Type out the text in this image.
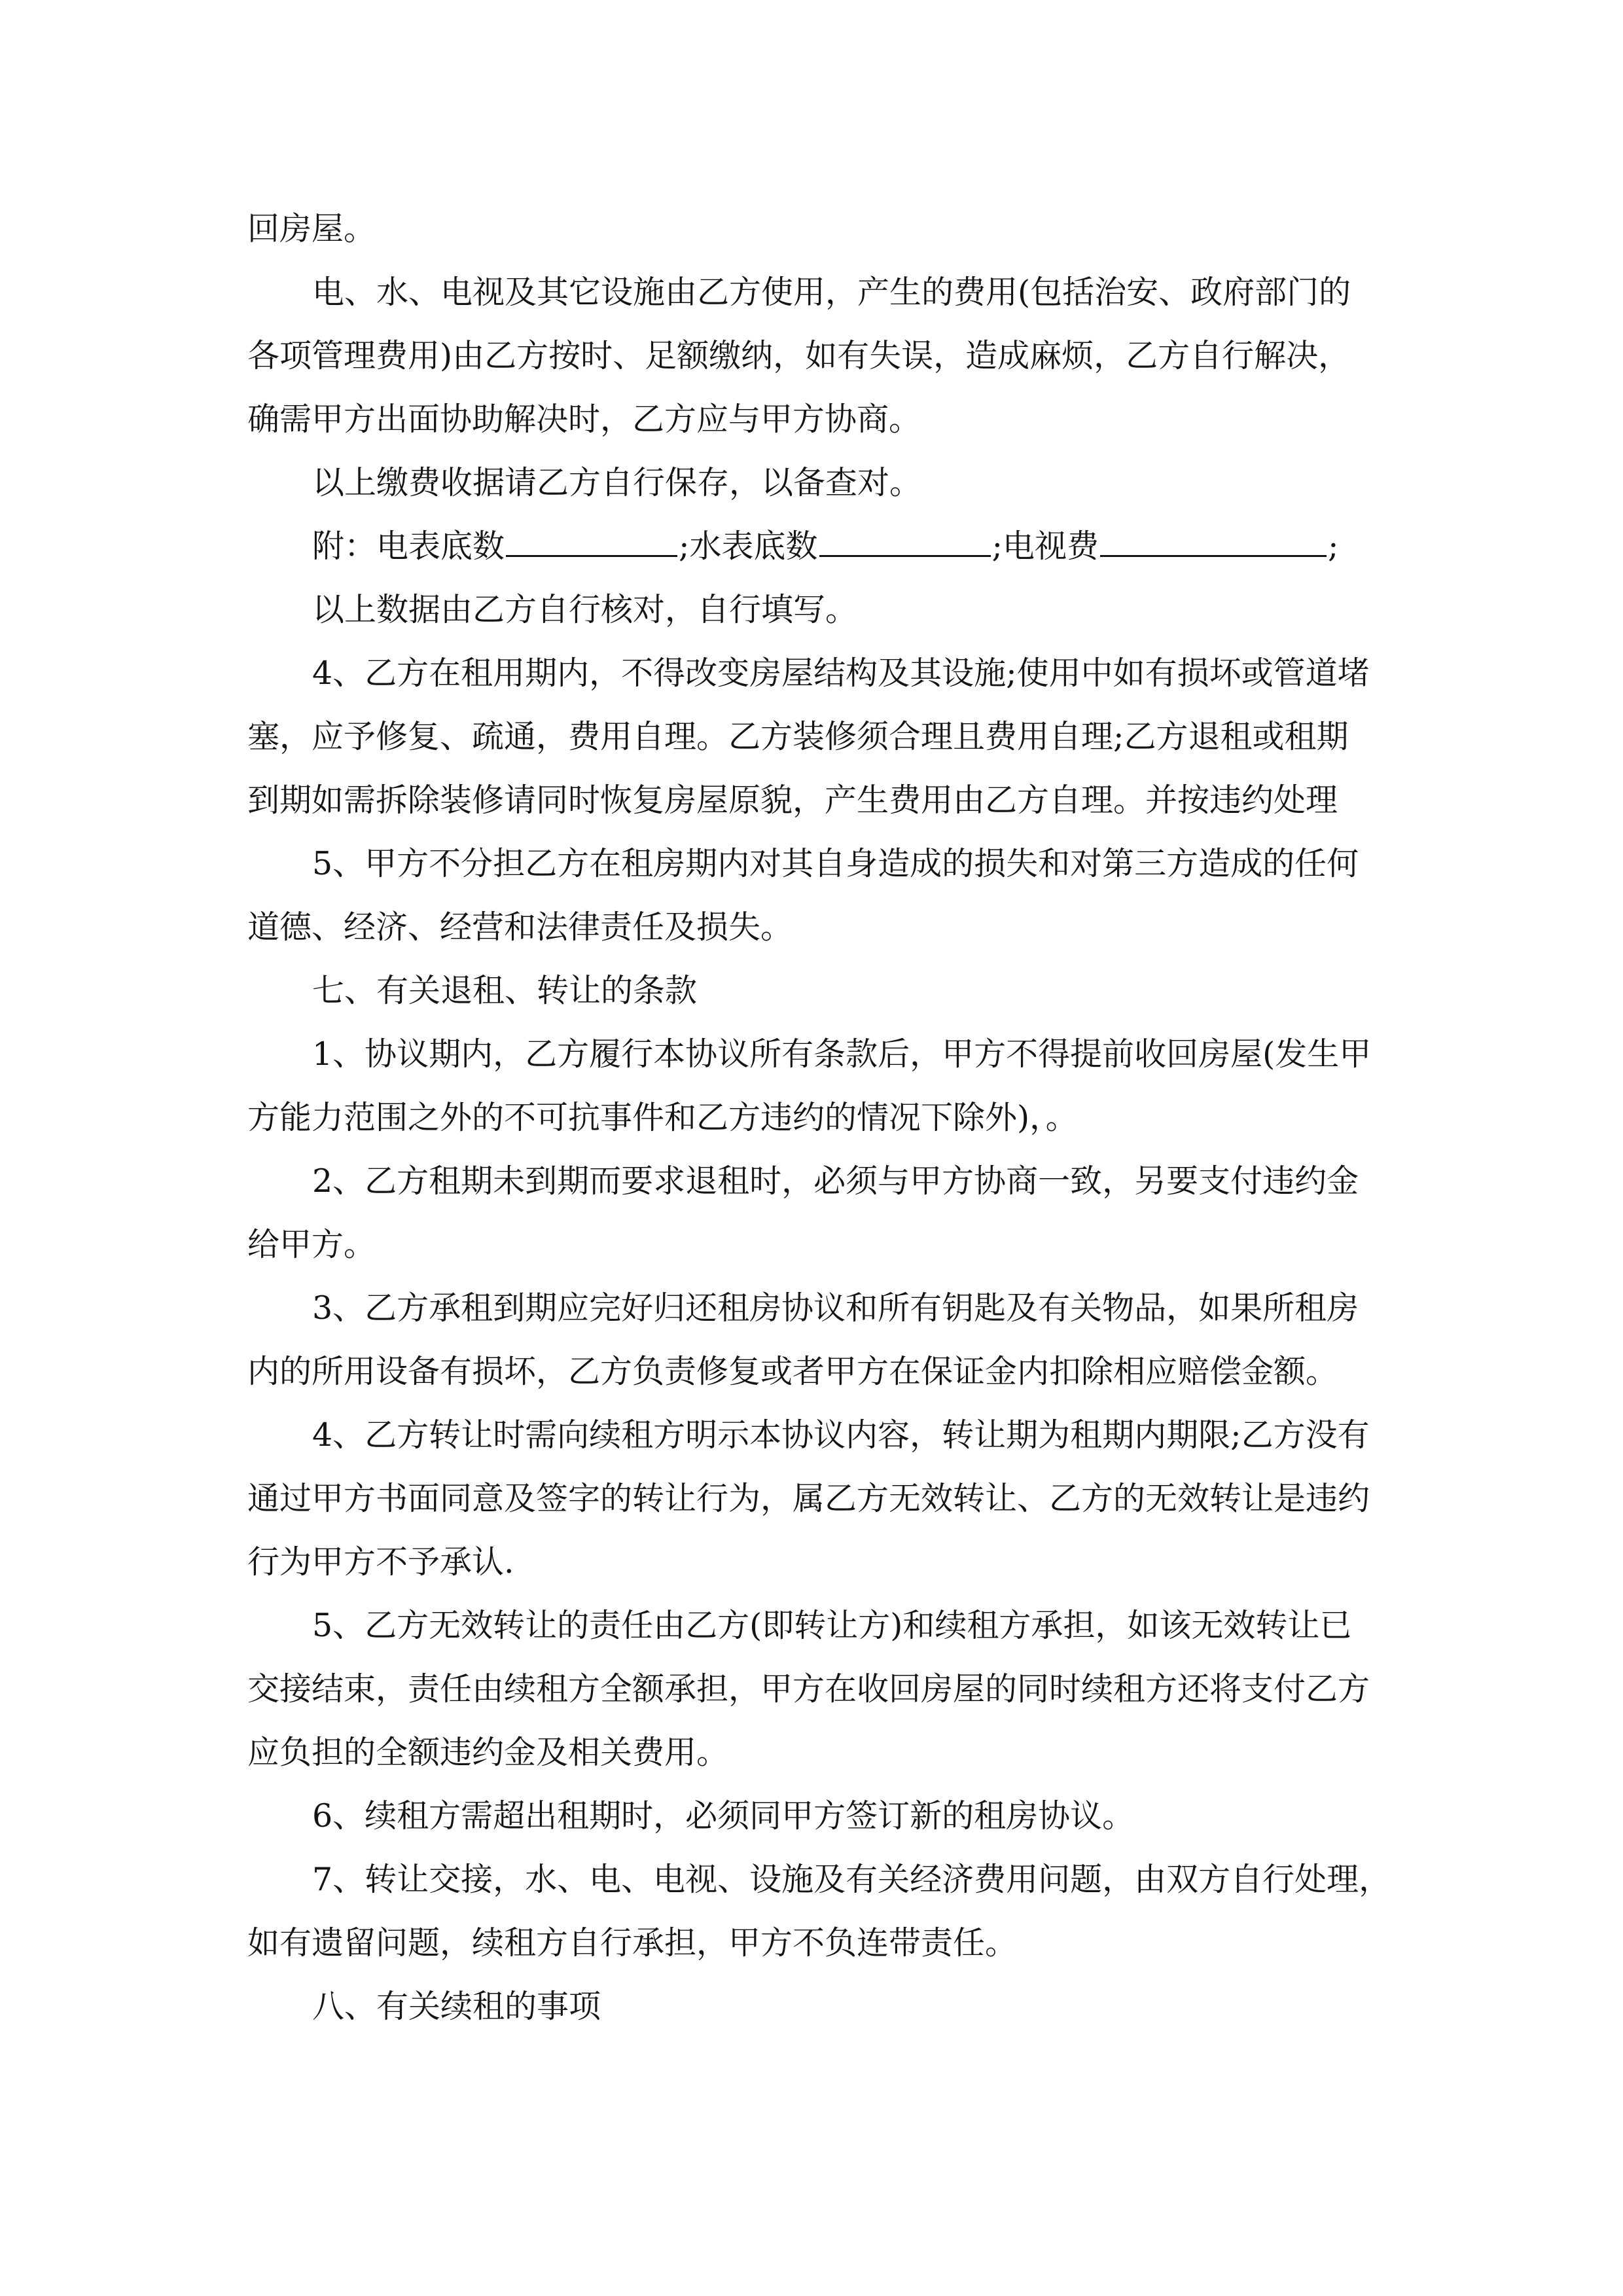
回房屋。
电、水、电视及其它设施由乙方使用，产生的费用(包括治安、政府部门的
各项管理费用)由乙方按时、足额缴纳，如有失误，造成麻烦，乙方自行解决，
确需甲方出面协助解决时，乙方应与甲方协商。
以上缴费收据请乙方自行保存，以备查对。
附：电表底数	;水表底数	;电视费	;
以上数据由乙方自行核对，自行填写。
4、乙方在租用期内，不得改变房屋结构及其设施;使用中如有损坏或管道堵
塞，应予修复、疏通，费用自理。乙方装修须合理且费用自理;乙方退租或租期
到期如需拆除装修请同时恢复房屋原貌，产生费用由乙方自理。并按违约处理
5、甲方不分担乙方在租房期内对其自身造成的损失和对第三方造成的任何
道德、经济、经营和法律责任及损失。
七、有关退租、转让的条款
1、协议期内，乙方履行本协议所有条款后，甲方不得提前收回房屋(发生甲
方能力范围之外的不可抗事件和乙方违约的情况下除外)，。
2、乙方租期未到期而要求退租时，必须与甲方协商一致，另要支付违约金
给甲方。
3、乙方承租到期应完好归还租房协议和所有钥匙及有关物品，如果所租房
内的所用设备有损坏，乙方负责修复或者甲方在保证金内扣除相应赔偿金额。
4、乙方转让时需向续租方明示本协议内容，转让期为租期内期限;乙方没有
通过甲方书面同意及签字的转让行为，属乙方无效转让、乙方的无效转让是违约
行为甲方不予承认.
5、乙方无效转让的责任由乙方(即转让方)和续租方承担，如该无效转让已
交接结束，责任由续租方全额承担，甲方在收回房屋的同时续租方还将支付乙方
应负担的全额违约金及相关费用。
6、续租方需超出租期时，必须同甲方签订新的租房协议。
7、转让交接，水、电、电视、设施及有关经济费用问题，由双方自行处理，
如有遗留问题，续租方自行承担，甲方不负连带责任。
八、有关续租的事项
